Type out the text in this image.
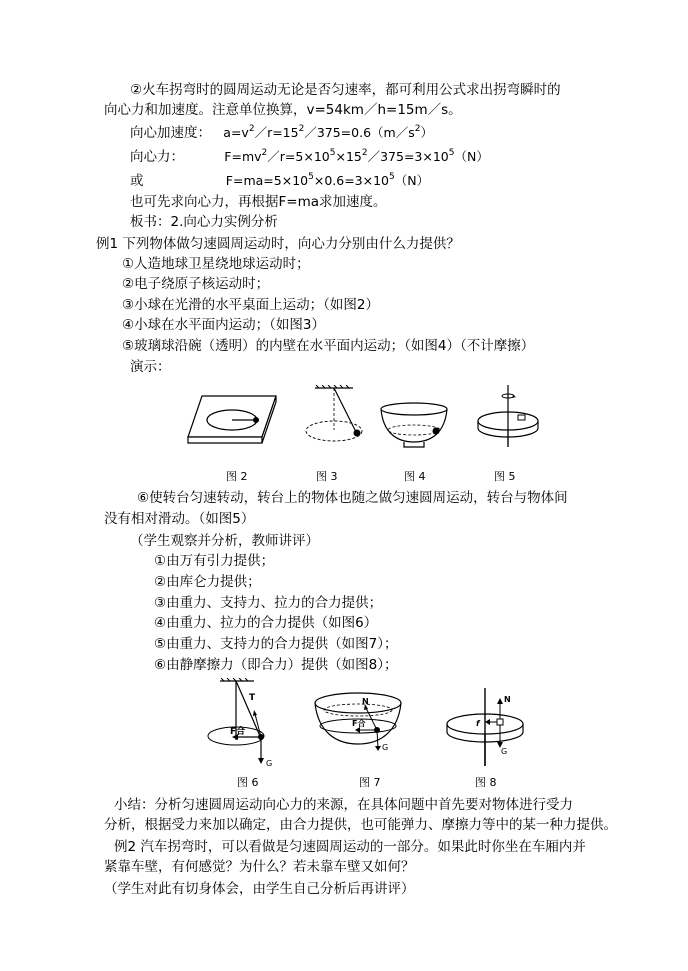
②火车拐弯时的圆周运动无论是否匀速率，都可利用公式求出拐弯瞬时的
向心力和加速度。注意单位换算，v=54km／h=15m／s。
向心加速度： $a=v^2/r=15^2/375=0.6(m/s^2)$
向心力：	$F=mv^2/r=5\times 10^5\times 15^2/375=3\times 10^5(N)$
或	$F=ma=5\times 10^5\times 0.6=3\times 10^5(N)$
也可先求向心力，再根据F=ma求加速度。
板书：2.向心力实例分析
例1 下列物体做匀速圆周运动时，向心力分别由什么力提供？
①人造地球卫星绕地球运动时；
②电子绕原子核运动时；
③小球在光滑的水平桌面上运动；（如图2）
④小球在水平面内运动；（如图3）
⑤玻璃球沿碗（透明）的内壁在水平面内运动；（如图4）（不计摩擦）
演示：
图 2	图 3	图 4	图 5
⑥使转台匀速转动，转台上的物体也随之做匀速圆周运动，转台与物体间
没有相对滑动。（如图5）
（学生观察并分析，教师讲评）
①由万有引力提供；
②由库仑力提供；
③由重力、支持力、拉力的合力提供；
④由重力、拉力的合力提供（如图6）
⑤由重力、支持力的合力提供（如图7）；
⑥由静摩擦力（即合力）提供（如图8）；
T
F合
G
图 6
N
F合
G
图 7
N
f
G
图 8
小结：分析匀速圆周运动向心力的来源，在具体问题中首先要对物体进行受力
分析，根据受力来加以确定，由合力提供，也可能弹力、摩擦力等中的某一种力提供。
例2 汽车拐弯时，可以看做是匀速圆周运动的一部分。如果此时你坐在车厢内并
紧靠车壁，有何感觉？为什么？若未靠车壁又如何？
（学生对此有切身体会，由学生自己分析后再讲评）
